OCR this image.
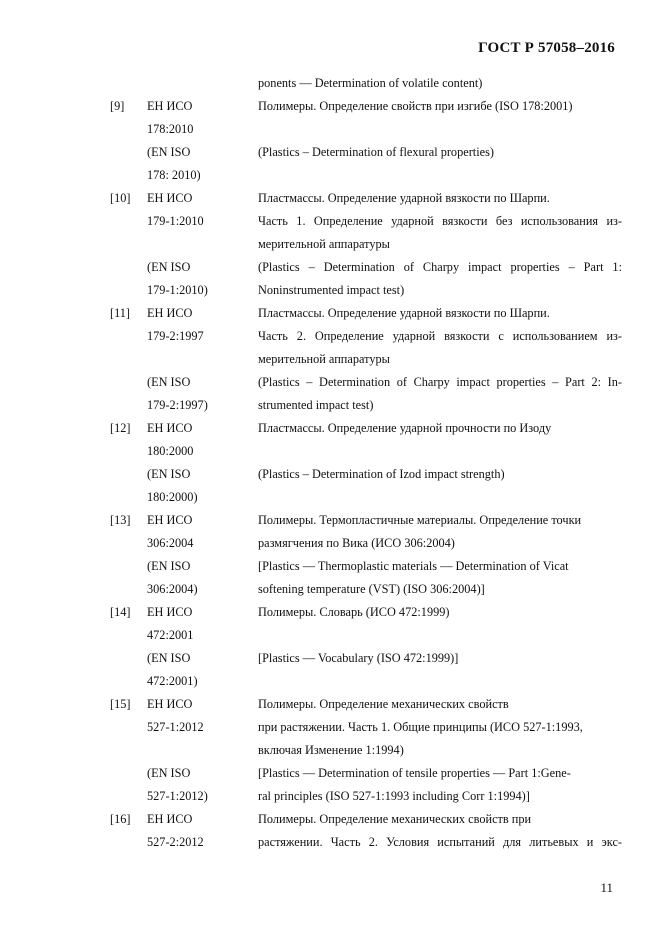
ГОСТ Р 57058–2016
ponents — Determination of volatile content)
[9] ЕН ИСО	Полимеры. Определение свойств при изгибе (ISO 178:2001)
178:2010
(EN ISO	(Plastics – Determination of flexural properties)
178: 2010)
[10] ЕН ИСО	Пластмассы. Определение ударной вязкости по Шарпи.
179-1:2010	Часть 1. Определение ударной вязкости без использования из-
мерительной аппаратуры
(EN ISO	(Plastics – Determination of Charpy impact properties – Part 1:
179-1:2010)	Noninstrumented impact test)
[11] ЕН ИСО	Пластмассы. Определение ударной вязкости по Шарпи.
179-2:1997	Часть 2. Определение ударной вязкости с использованием из-
мерительной аппаратуры
(EN ISO	(Plastics – Determination of Charpy impact properties – Part 2: In-
179-2:1997)	strumented impact test)
[12] ЕН ИСО	Пластмассы. Определение ударной прочности по Изоду
180:2000
(EN ISO	(Plastics – Determination of Izod impact strength)
180:2000)
[13] ЕН ИСО	Полимеры. Термопластичные материалы. Определение точки
306:2004	размягчения по Вика (ИСО 306:2004)
(EN ISO	[Plastics — Thermoplastic materials — Determination of Vicat
306:2004)	softening temperature (VST) (ISO 306:2004)]
[14] ЕН ИСО	Полимеры. Словарь (ИСО 472:1999)
472:2001
(EN ISO	[Plastics — Vocabulary (ISO 472:1999)]
472:2001)
[15] ЕН ИСО	Полимеры. Определение механических свойств
527-1:2012	при растяжении. Часть 1. Общие принципы (ИСО 527-1:1993,
включая Изменение 1:1994)
(EN ISO	[Plastics — Determination of tensile properties — Part 1:Gene-
527-1:2012)	ral principles (ISO 527-1:1993 including Corr 1:1994)]
[16] ЕН ИСО	Полимеры. Определение механических свойств при
527-2:2012	растяжении. Часть 2. Условия испытаний для литьевых и экс-
11
